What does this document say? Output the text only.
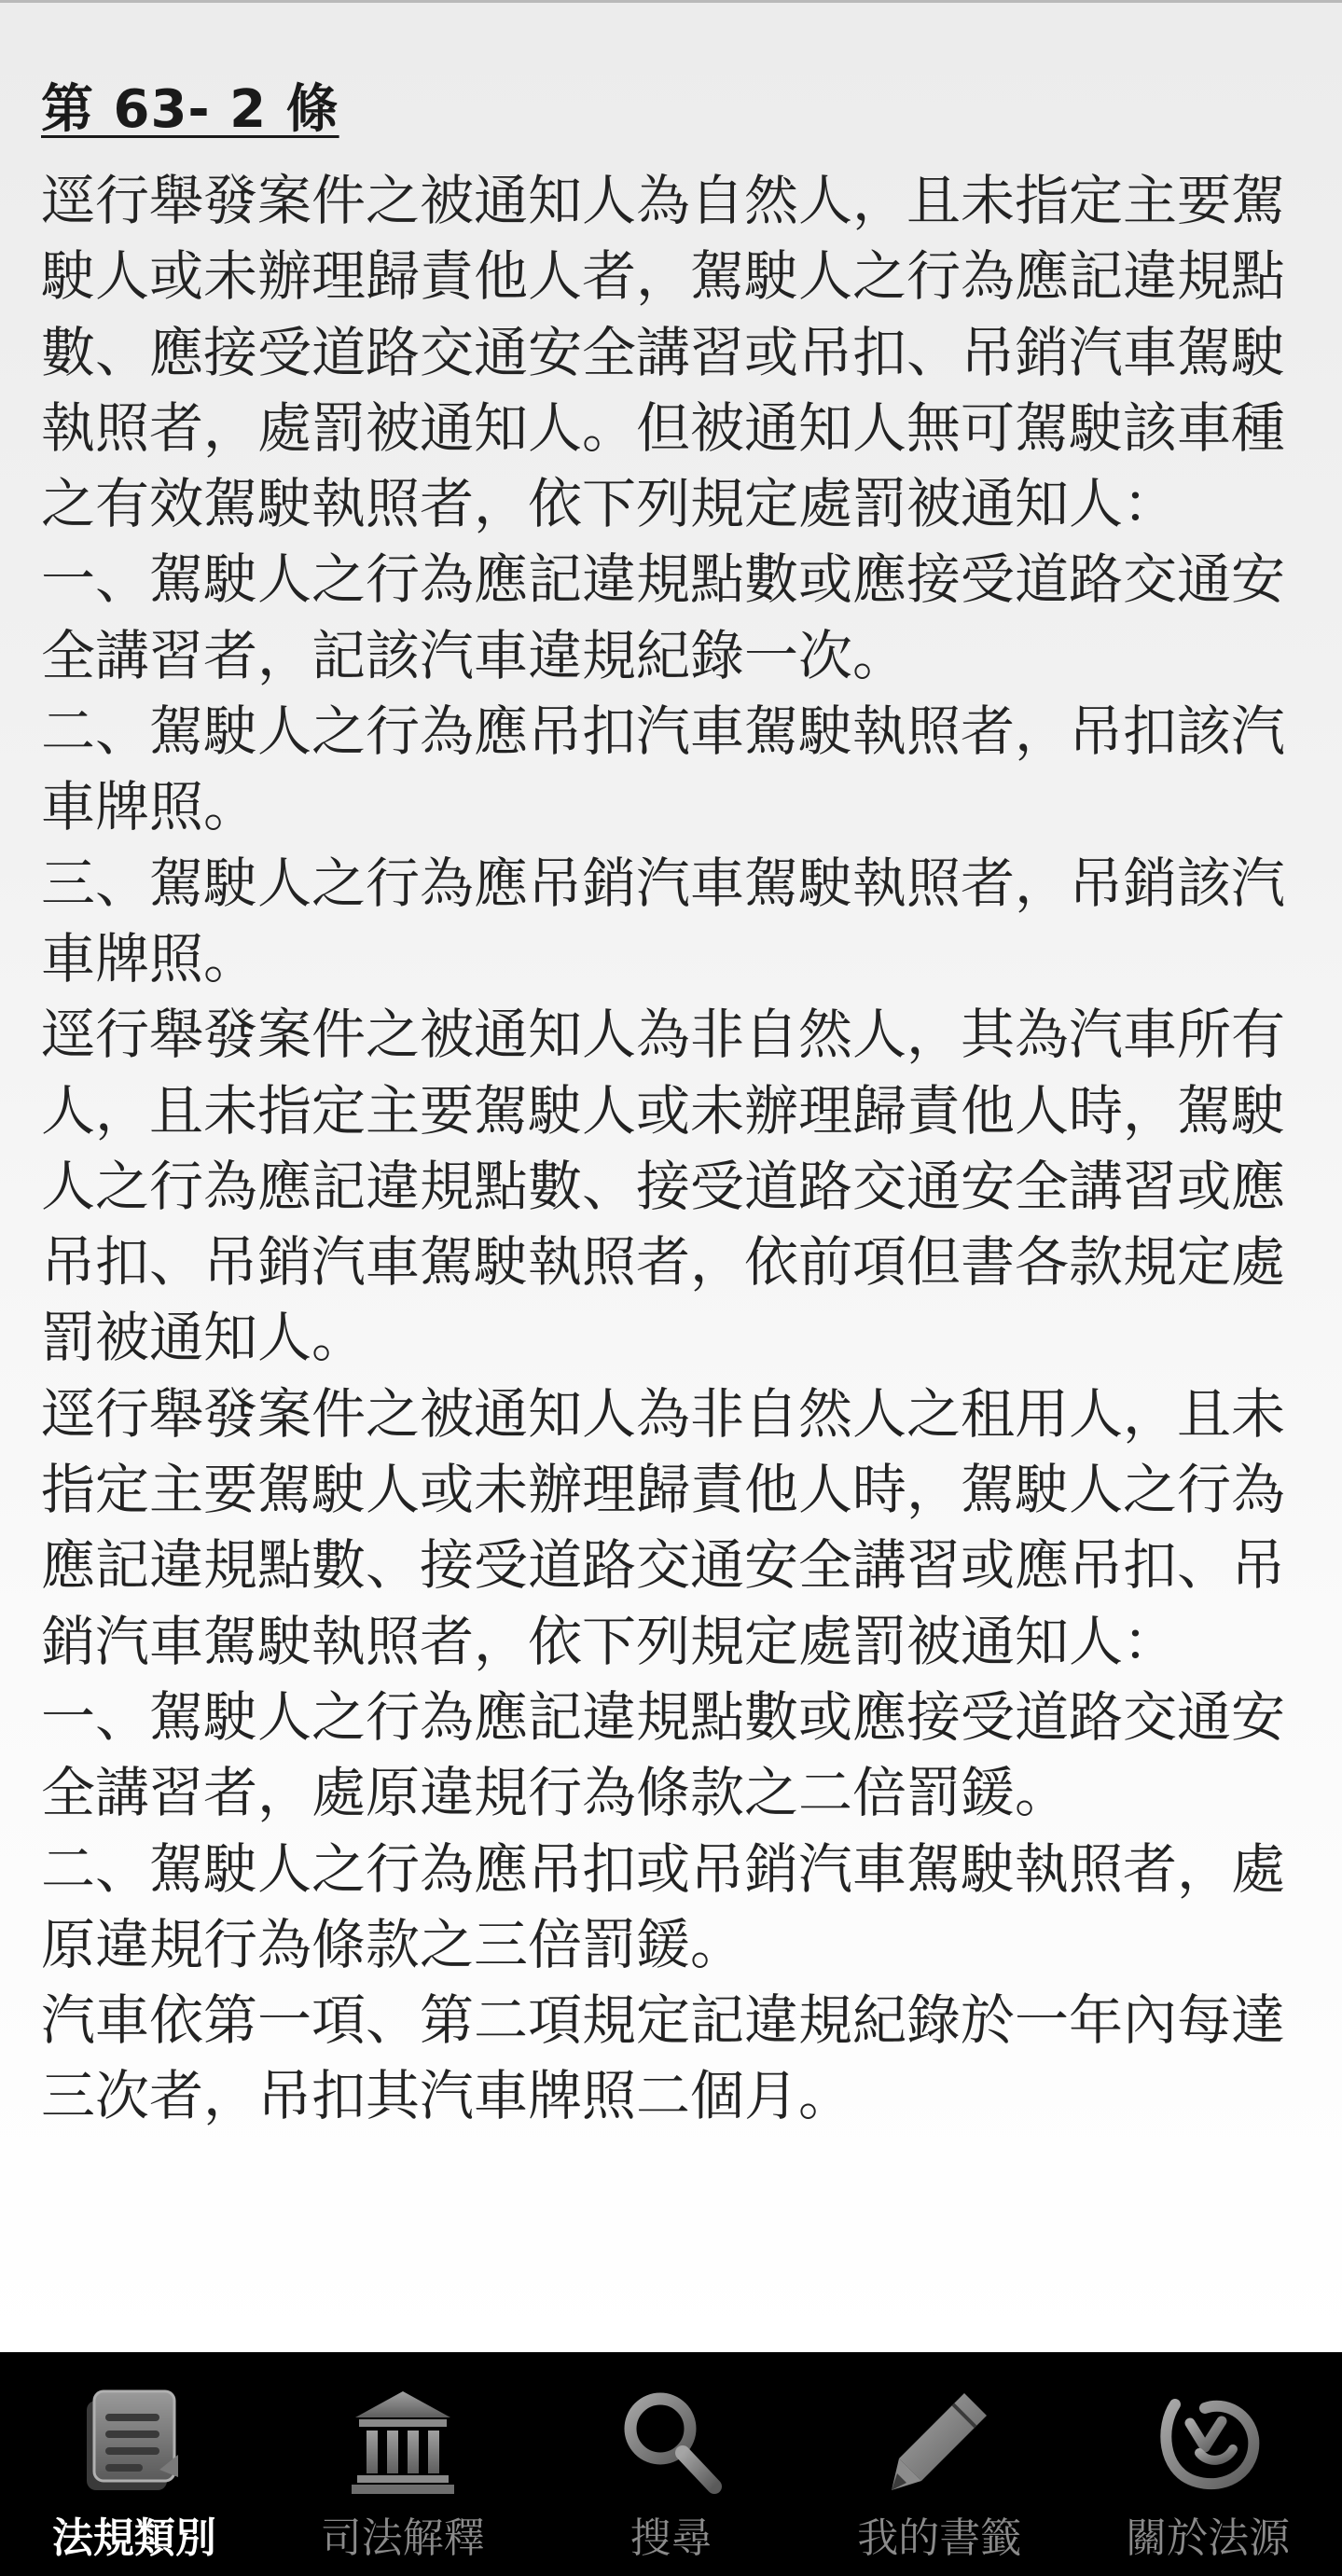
第 63- 2 條

逕行舉發案件之被通知人為自然人，且未指定主要駕駛人或未辦理歸責他人者，駕駛人之行為應記違規點數、應接受道路交通安全講習或吊扣、吊銷汽車駕駛執照者，處罰被通知人。但被通知人無可駕駛該車種之有效駕駛執照者，依下列規定處罰被通知人：

一、駕駛人之行為應記違規點數或應接受道路交通安全講習者，記該汽車違規紀錄一次。

二、駕駛人之行為應吊扣汽車駕駛執照者，吊扣該汽車牌照。

三、駕駛人之行為應吊銷汽車駕駛執照者，吊銷該汽車牌照。

逕行舉發案件之被通知人為非自然人，其為汽車所有人，且未指定主要駕駛人或未辦理歸責他人時，駕駛人之行為應記違規點數、接受道路交通安全講習或應吊扣、吊銷汽車駕駛執照者，依前項但書各款規定處罰被通知人。

逕行舉發案件之被通知人為非自然人之租用人，且未指定主要駕駛人或未辦理歸責他人時，駕駛人之行為應記違規點數、接受道路交通安全講習或應吊扣、吊銷汽車駕駛執照者，依下列規定處罰被通知人：

一、駕駛人之行為應記違規點數或應接受道路交通安全講習者，處原違規行為條款之二倍罰鍰。

二、駕駛人之行為應吊扣或吊銷汽車駕駛執照者，處原違規行為條款之三倍罰鍰。

汽車依第一項、第二項規定記違規紀錄於一年內每達三次者，吊扣其汽車牌照二個月。

法規類別	司法解釋	搜尋	我的書籤	關於法源
